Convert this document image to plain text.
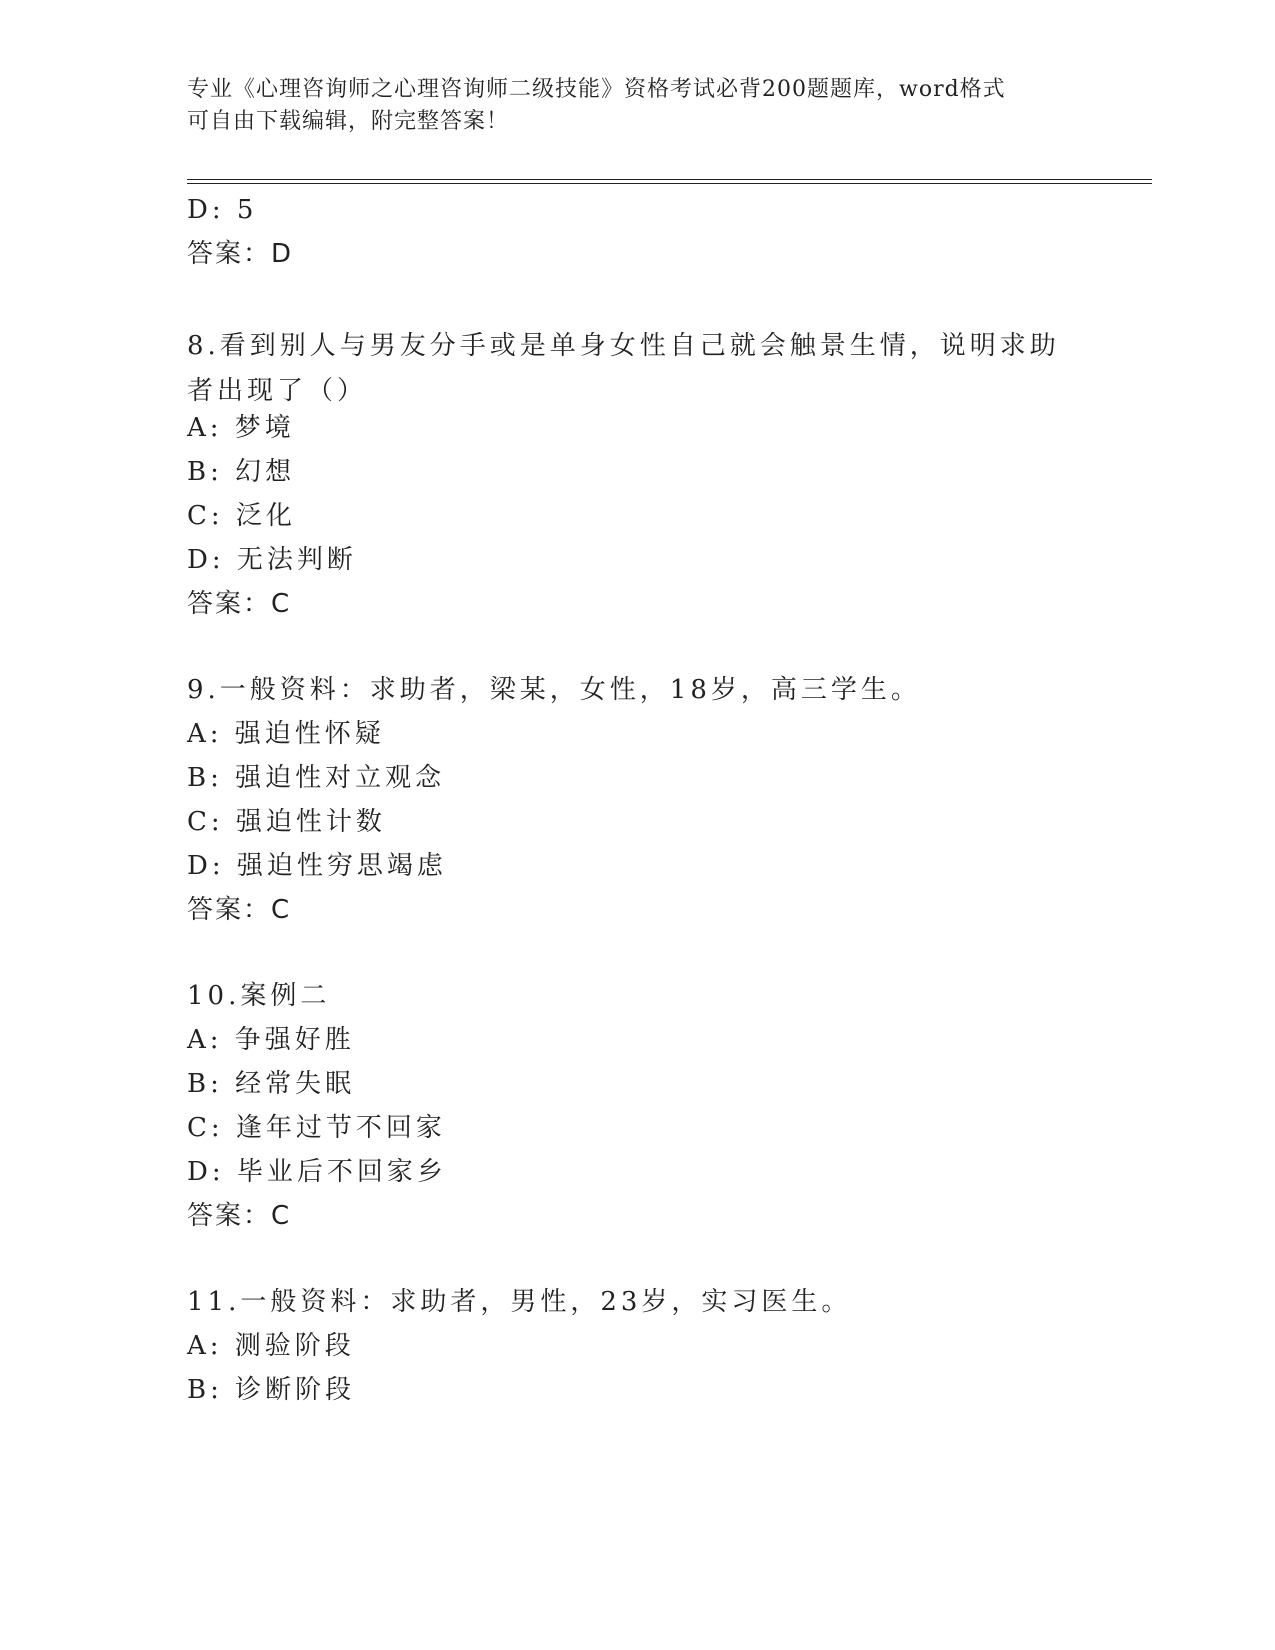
专业《心理咨询师之心理咨询师二级技能》资格考试必背200题题库，word格式
可自由下载编辑，附完整答案！
D: 5
答案：D
8.看到别人与男友分手或是单身女性自己就会触景生情，说明求助者出现了（）
A: 梦境
B: 幻想
C: 泛化
D: 无法判断
答案：C
9.一般资料：求助者，梁某，女性，18岁，高三学生。
A: 强迫性怀疑
B: 强迫性对立观念
C: 强迫性计数
D: 强迫性穷思竭虑
答案：C
10.案例二
A: 争强好胜
B: 经常失眠
C: 逢年过节不回家
D: 毕业后不回家乡
答案：C
11.一般资料：求助者，男性，23岁，实习医生。
A: 测验阶段
B: 诊断阶段
